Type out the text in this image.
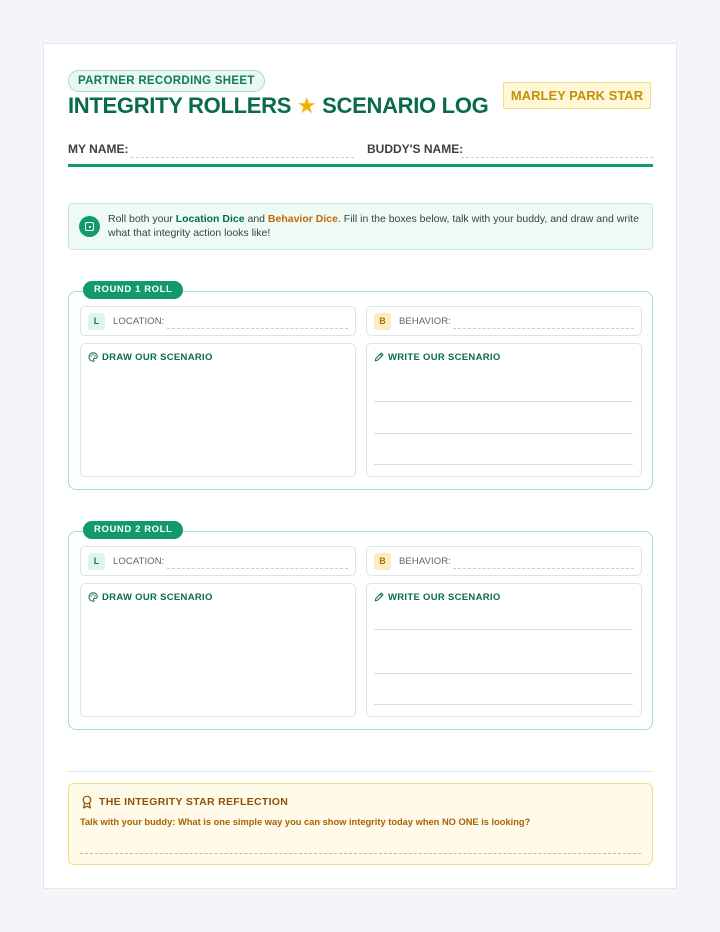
PARTNER RECORDING SHEET
INTEGRITY ROLLERS ★ SCENARIO LOG	MARLEY PARK STAR
MY NAME:	BUDDY'S NAME:
Roll both your Location Dice and Behavior Dice. Fill in the boxes below, talk with your buddy, and draw and write what that integrity action looks like!
ROUND 1 ROLL
L	LOCATION:	B	BEHAVIOR:
DRAW OUR SCENARIO	WRITE OUR SCENARIO
ROUND 2 ROLL
L	LOCATION:	B	BEHAVIOR:
DRAW OUR SCENARIO	WRITE OUR SCENARIO
THE INTEGRITY STAR REFLECTION
Talk with your buddy: What is one simple way you can show integrity today when NO ONE is looking?
